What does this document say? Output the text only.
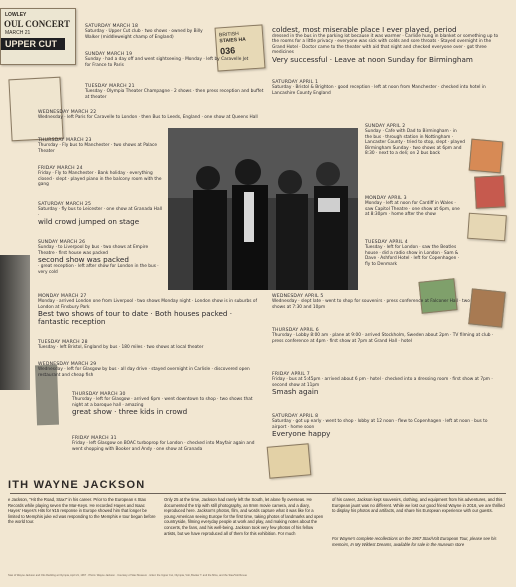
LOWLEY
OUL CONCERT
MARCH 21
UPPER CUT
BRITISH
STAIES HA
036
SATURDAY MARCH 18
Saturday · Upper Cut club · two shows · owned by Billy Walker (middleweight champ of England)
SUNDAY MARCH 19
Sunday · had a day off and went sightseeing · Monday · left by Caravelle Jet for France to Paris
TUESDAY MARCH 21
Tuesday · Olympia Theater Champagne · 2 shows · then press reception and buffet at theater
WEDNESDAY MARCH 22
Wednesday · left Paris for Caravelle to London · then Bus to Leeds, England · one show at Queens Hall
THURSDAY MARCH 23
Thursday · Fly bus to Manchester · two shows at Palace Theater
FRIDAY MARCH 24
Friday · Fly to Manchester · Bank holiday · everything closed · slept · played piano in the balcony room with the gang
SATURDAY MARCH 25
Saturday · fly bus to Leicester · one show at Granada Hall ·
wild crowd jumped on stage
SUNDAY MARCH 26
Sunday · to Liverpool by bus · two shows at Empire Theatre · first house was packed
second show was packed
· great reception · left after show for London in the bus · very cold
MONDAY MARCH 27
Monday · arrived London one from Liverpool · two shows Monday night · London show is in suburbs of London at Finsbury Park
Best two shows of tour to date · Both houses packed · fantastic reception
TUESDAY MARCH 28
Tuesday · left Bristol, England by bus · 180 miles · two shows at local theater
WEDNESDAY MARCH 29
Wednesday · left for Glasgow by bus · all day drive · stayed overnight in Carlisle · discovered open restaurant and cheap fish
THURSDAY MARCH 30
Thursday · left for Glasgow · arrived 6pm · went downtown to shop · two shows that night at a baroque hall · amazing
great show · three kids in crowd
FRIDAY MARCH 31
Friday · left Glasgow on BOAC turboprop for London · checked into Mayfair again and went shopping with Booker and Andy · one show at Granada
coldest, most miserable place I ever played, period
dressed in the bus in the parking lot because it was warmer · Carlisle hung in blanket or something up to the rooms for a little privacy · everyone was sick with colds and sore throats · Stayed overnight in the Grand Hotel · Doctor came to the theater with aid that night and checked everyone over · got three medicines
Very successful · Leave at noon Sunday for Birmingham
SATURDAY APRIL 1
Saturday · Bristol & Brighton · good reception · left at noon from Manchester · checked into hotel in Lancashire County England
SUNDAY APRIL 2
Sunday · Cafe with Dad to Birmingham · in the bus · through station in Nottingham · Lancaster County · tried to stop, slept · played Birmingham Sunday · two shows at 6pm and 8:30 · next to a deli; on 2 bus back
MONDAY APRIL 3
Monday · left at noon for Cardiff in Wales · saw Capitol Theatre · one show at 6pm, one at 8:30pm · home after the show
TUESDAY APRIL 4
Tuesday · left for London · saw the Beatles house · did a radio show in London · Sam & Dave · Ashford Hotel · left for Copenhagen · fly to Denmark
WEDNESDAY APRIL 5
Wednesday · slept late · went to shop for souvenirs · press conference at Falconer Hall · two shows at 7:30 and 10pm
THURSDAY APRIL 6
Thursday · Lobby 8:00 am · plane at 9:00 · arrived Stockholm, Sweden about 2pm · TV filming at club · press conference at 4pm · first show at 7pm at Grand Hall · hotel
FRIDAY APRIL 7
Friday · bus at 5:45pm · arrived about 6 pm · hotel · checked into a dressing room · first show at 7pm · second show at 11pm
Smash again
SATURDAY APRIL 8
Saturday · got up early · went to shop · lobby at 12 noon · flew to Copenhagen · left at noon · bus to airport · home soon
Everyone happy
ITH WAYNE JACKSON
e Jackson, "Hit the Road, Stax!" in his career. Prior to the European s Stax Records while playing seven the Mar-Keys. He recorded Hayes and Isaac Hayes' Hayes's Hits for ¥15 response in Europe showed him that longer be limited to Memphis juke ed was responding to the Memphis e tour began before the world tour.
Only 25 at the time, Jackson had rarely left the South, let alone fly overseas. He documented the trip with still photography, an 8mm movie camera, and a diary, reproduced here. Jackson's photos, film, and words capture what it was like for a young American seeing Europe for the first time, taking photos of landmarks and open countryside, filming everyday people at work and play, and making notes about the concerts, the fans, and his well-being. Jackson took very few photos of his fellow artists, but we have reproduced all of them for this exhibition. For much
of his career, Jackson kept souvenirs, clothing, and equipment from his adventures, and this European jaunt was no different. While we lost our good friend Wayne in 2016, we are thrilled to display his photos and artifacts, and share his European experience with our guests.
For Wayne's complete recollections on the 1967 Stax/Volt European Tour, please see his memoirs, In My Wildest Dreams, available for sale in the museum store
Stax of Wayne Jackson and Otis Redding at Olympia, April 21, 1967 · Photo: Wayne Jackson · Courtesy of Stax Museum · ticket: the Upper Cut, Olympia, Volt, Booker T. and the MGs, and the Stax/Volt Revue
